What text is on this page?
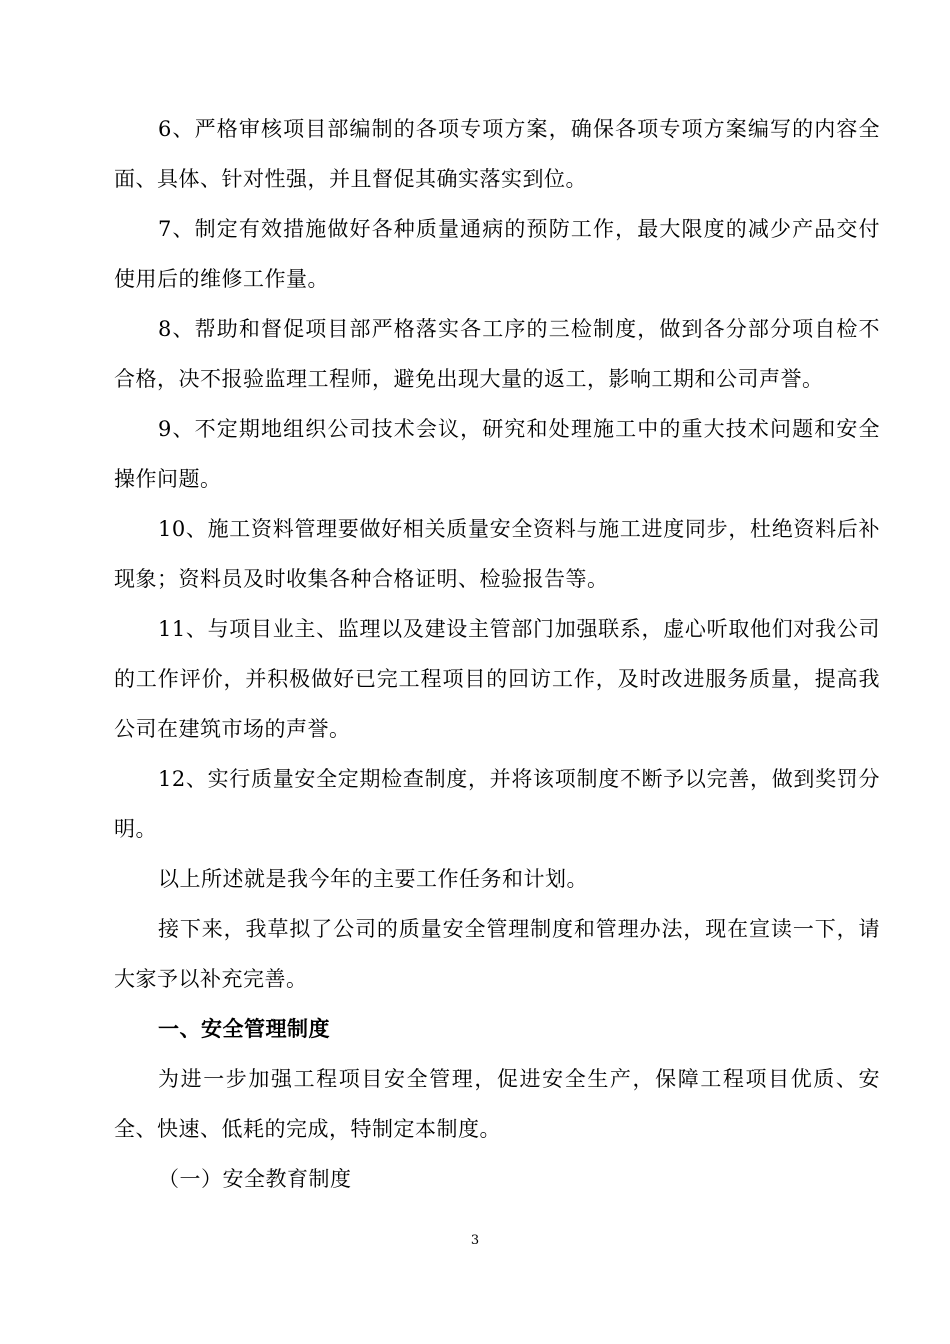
6、严格审核项目部编制的各项专项方案，确保各项专项方案编写的内容全面、具体、针对性强，并且督促其确实落实到位。

7、制定有效措施做好各种质量通病的预防工作，最大限度的减少产品交付使用后的维修工作量。

8、帮助和督促项目部严格落实各工序的三检制度，做到各分部分项自检不合格，决不报验监理工程师，避免出现大量的返工，影响工期和公司声誉。

9、不定期地组织公司技术会议，研究和处理施工中的重大技术问题和安全操作问题。

10、施工资料管理要做好相关质量安全资料与施工进度同步，杜绝资料后补现象；资料员及时收集各种合格证明、检验报告等。

11、与项目业主、监理以及建设主管部门加强联系，虚心听取他们对我公司的工作评价，并积极做好已完工程项目的回访工作，及时改进服务质量，提高我公司在建筑市场的声誉。

12、实行质量安全定期检查制度，并将该项制度不断予以完善，做到奖罚分明。

以上所述就是我今年的主要工作任务和计划。

接下来，我草拟了公司的质量安全管理制度和管理办法，现在宣读一下，请大家予以补充完善。

一、安全管理制度

为进一步加强工程项目安全管理，促进安全生产，保障工程项目优质、安全、快速、低耗的完成，特制定本制度。

（一）安全教育制度

3
